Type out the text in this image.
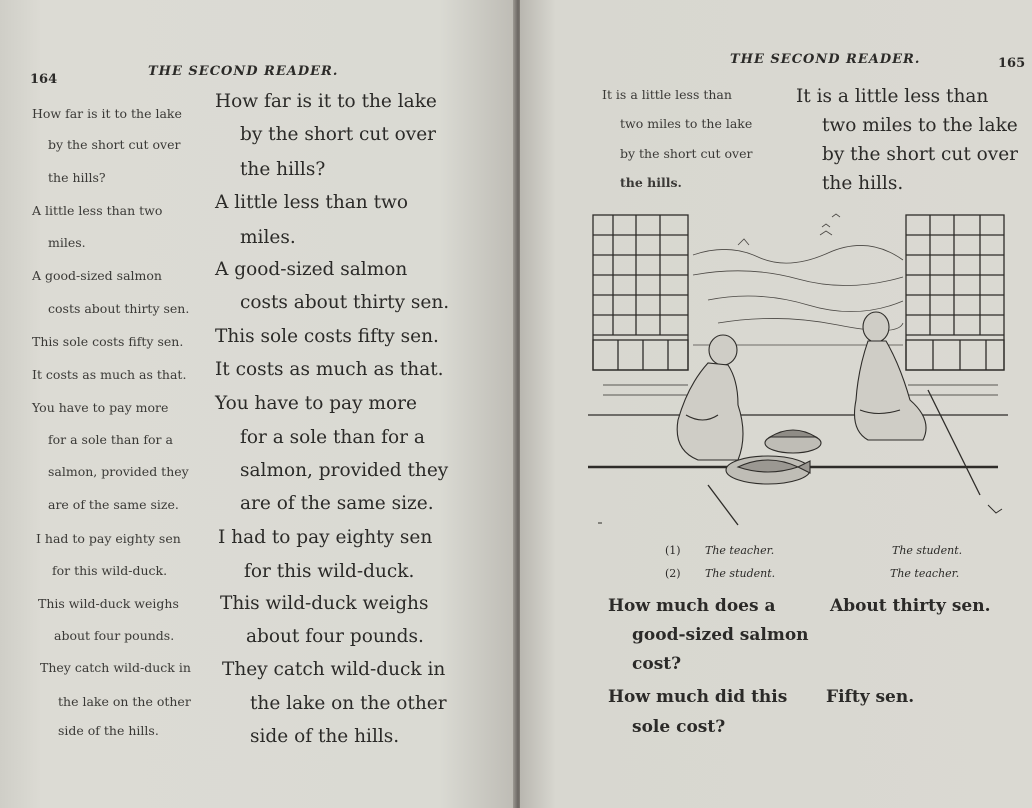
164
THE SECOND READER.
How far is it to the lake
by the short cut over
the hills?
How far is it to the lake
by the short cut over
the hills?
A little less than two
miles.
A little less than two
miles.
A good-sized salmon
costs about thirty sen.
A good-sized salmon
costs about thirty sen.
This sole costs fifty sen. This sole costs fifty sen.
It costs as much as that. It costs as much as that.
You have to pay more
for a sole than for a
salmon, provided they
are of the same size.
You have to pay more
for a sole than for a
salmon, provided they
are of the same size.
I had to pay eighty sen
for this wild-duck.
I had to pay eighty sen
for this wild-duck.
This wild-duck weighs
about four pounds.
This wild-duck weighs
about four pounds.
They catch wild-duck in
the lake on the other
side of the hills.
They catch wild-duck in
the lake on the other
side of the hills.
THE SECOND READER.	165
It is a little less than
two miles to the lake
by the short cut over
the hills.
It is a little less than
two miles to the lake
by the short cut over
the hills.
(1) The teacher.	The student.
(2) The student.	The teacher.
How much does a
good-sized salmon
cost?
About thirty sen.
How much did this
sole cost?
Fifty sen.
